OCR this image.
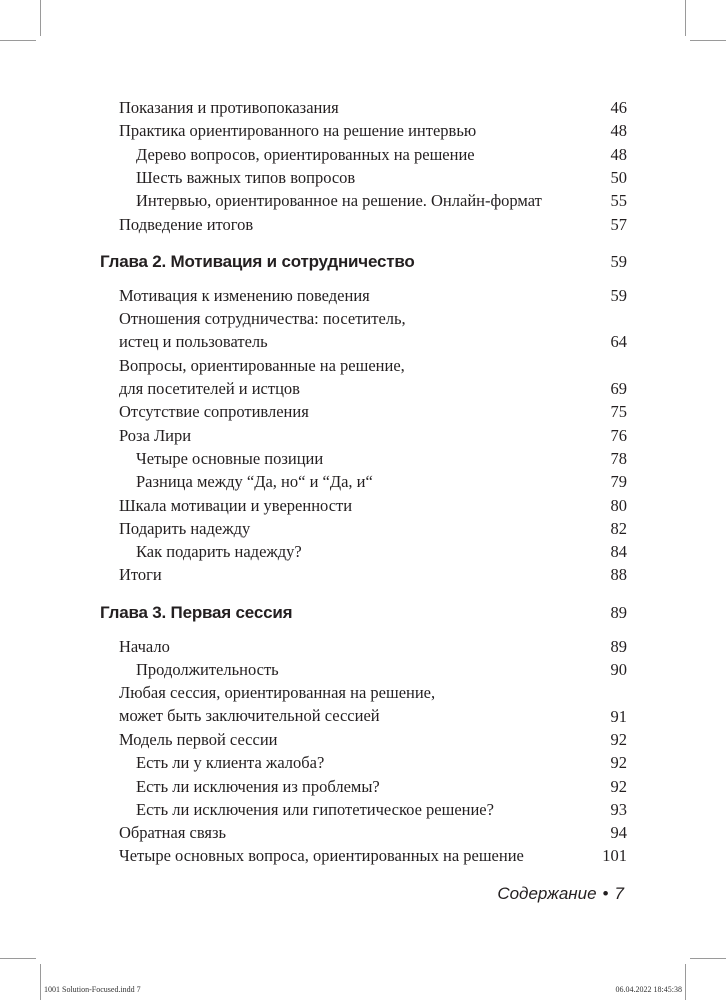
Показания и противопоказания	46
Практика ориентированного на решение интервью	48
Дерево вопросов, ориентированных на решение	48
Шесть важных типов вопросов	50
Интервью, ориентированное на решение. Онлайн-формат	55
Подведение итогов	57
Глава 2. Мотивация и сотрудничество	59
Мотивация к изменению поведения	59
Отношения сотрудничества: посетитель,
истец и пользователь	64
Вопросы, ориентированные на решение,
для посетителей и истцов	69
Отсутствие сопротивления	75
Роза Лири	76
Четыре основные позиции	78
Разница между “Да, но“ и “Да, и“	79
Шкала мотивации и уверенности	80
Подарить надежду	82
Как подарить надежду?	84
Итоги	88
Глава 3. Первая сессия	89
Начало	89
Продолжительность	90
Любая сессия, ориентированная на решение,
может быть заключительной сессией	91
Модель первой сессии	92
Есть ли у клиента жалоба?	92
Есть ли исключения из проблемы?	92
Есть ли исключения или гипотетическое решение?	93
Обратная связь	94
Четыре основных вопроса, ориентированных на решение	101
Содержание • 7
1001 Solution-Focused.indd 7	06.04.2022 18:45:38
